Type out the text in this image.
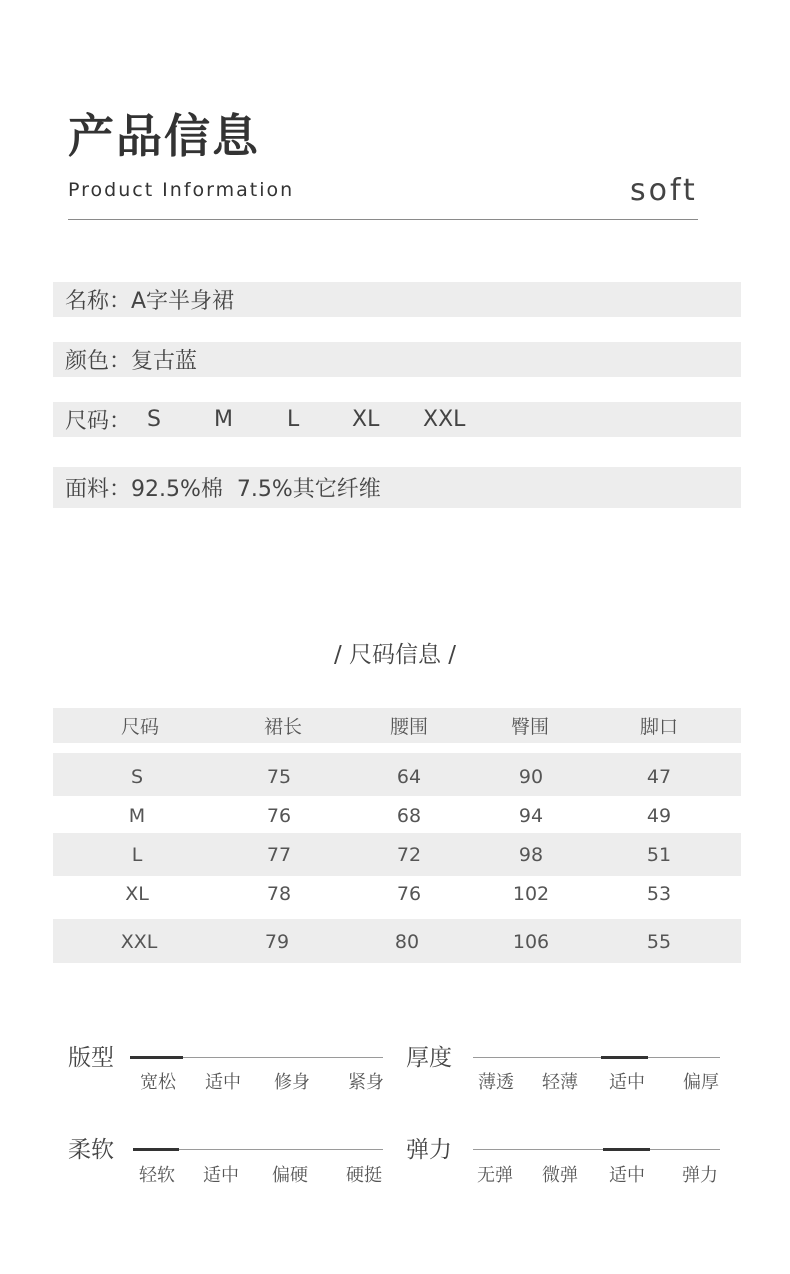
产品信息
Product Information	soft
名称：A字半身裙
颜色：复古蓝
尺码： S M L XL XXL
面料：92.5%棉  7.5%其它纤维
/ 尺码信息 /
尺码	裙长	腰围	臀围	脚口
S	75	64	90	47
M	76	68	94	49
L	77	72	98	51
XL	78	76	102	53
XXL	79	80	106	55
版型
宽松	适中	修身	紧身
厚度
薄透	轻薄	适中	偏厚
柔软
轻软	适中	偏硬	硬挺
弹力
无弹	微弹	适中	弹力
